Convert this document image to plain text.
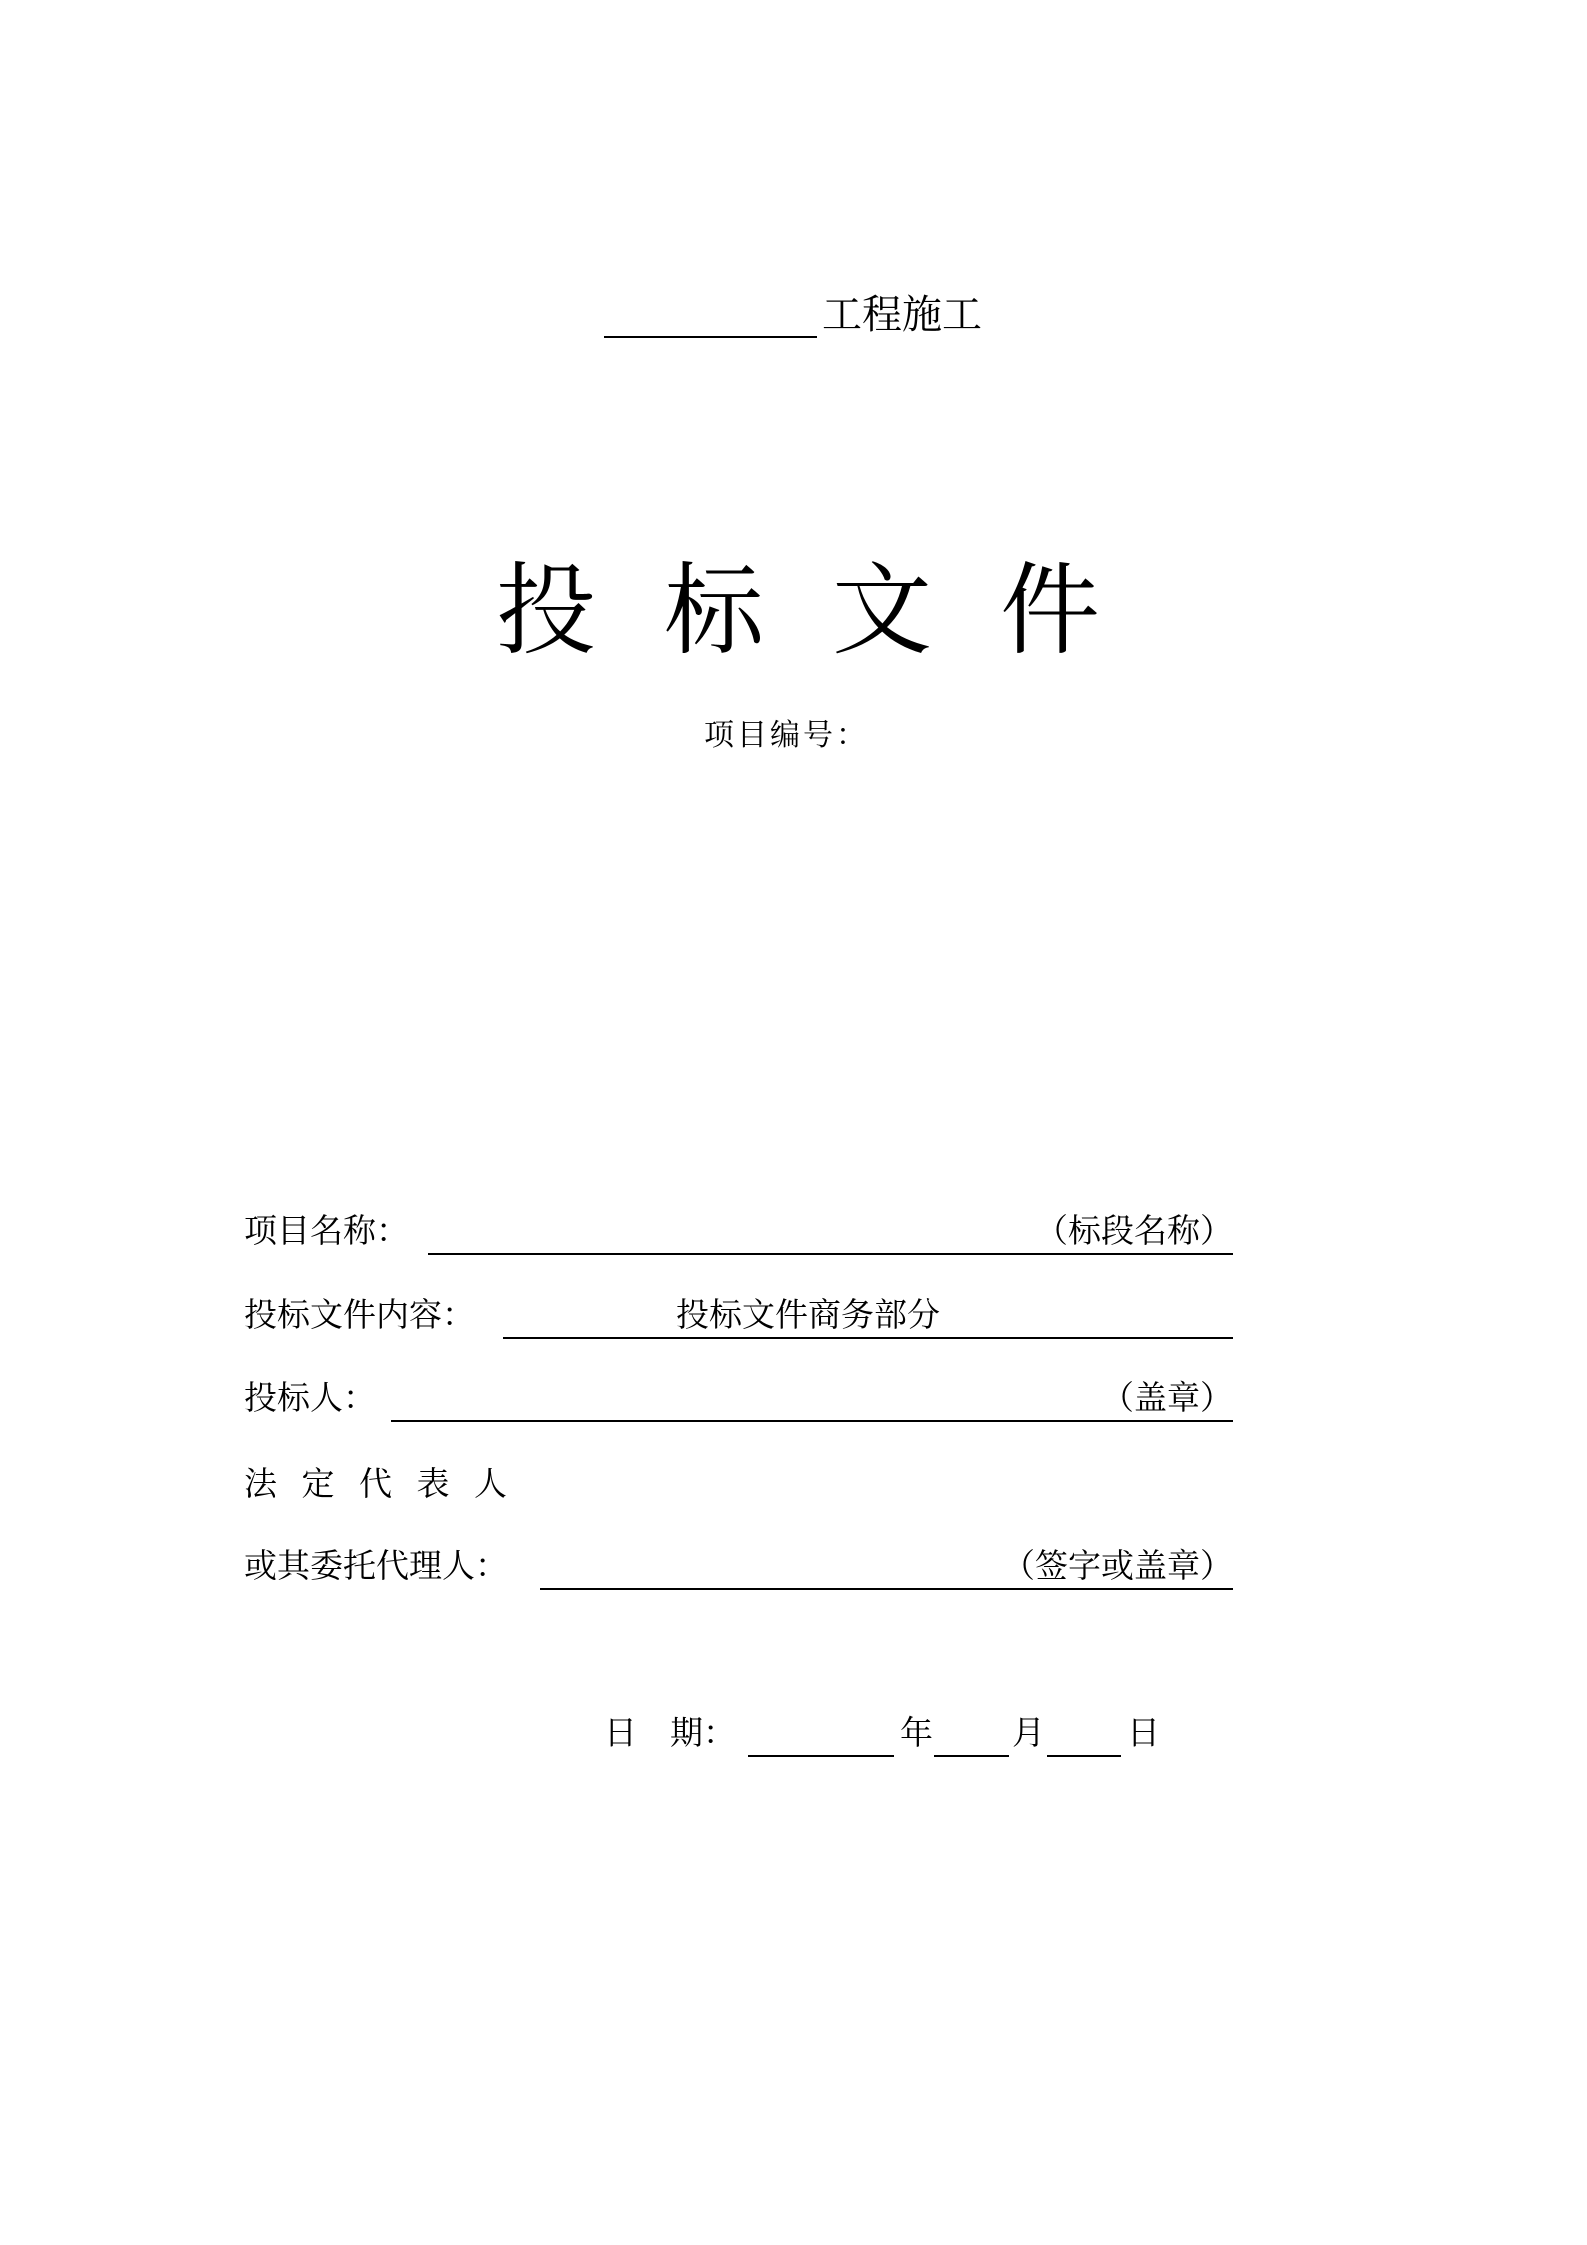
工程施工
投标文件
项目编号：
项目名称：	（标段名称）
投标文件内容：	投标文件商务部分
投标人：	（盖章）
法定代表人
或其委托代理人：	（签字或盖章）
日　期：	年 月 日
